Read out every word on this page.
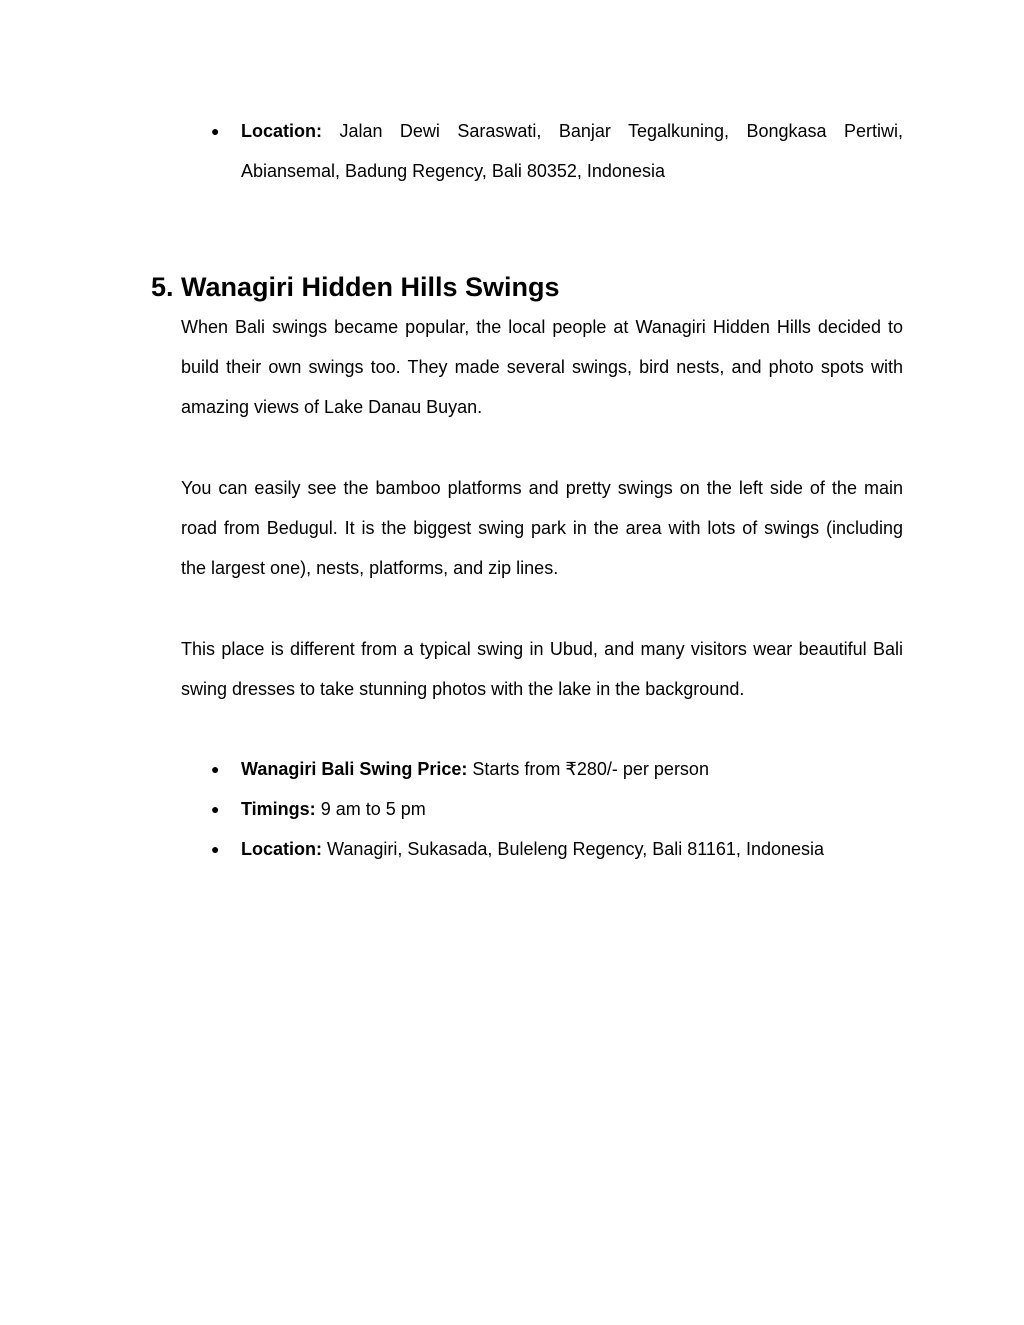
● Location: Jalan Dewi Saraswati, Banjar Tegalkuning, Bongkasa Pertiwi, Abiansemal, Badung Regency, Bali 80352, Indonesia
5. Wanagiri Hidden Hills Swings

When Bali swings became popular, the local people at Wanagiri Hidden Hills decided to build their own swings too. They made several swings, bird nests, and photo spots with amazing views of Lake Danau Buyan.

You can easily see the bamboo platforms and pretty swings on the left side of the main road from Bedugul. It is the biggest swing park in the area with lots of swings (including the largest one), nests, platforms, and zip lines.

This place is different from a typical swing in Ubud, and many visitors wear beautiful Bali swing dresses to take stunning photos with the lake in the background.

● Wanagiri Bali Swing Price: Starts from ₹280/- per person
● Timings: 9 am to 5 pm
● Location: Wanagiri, Sukasada, Buleleng Regency, Bali 81161, Indonesia
